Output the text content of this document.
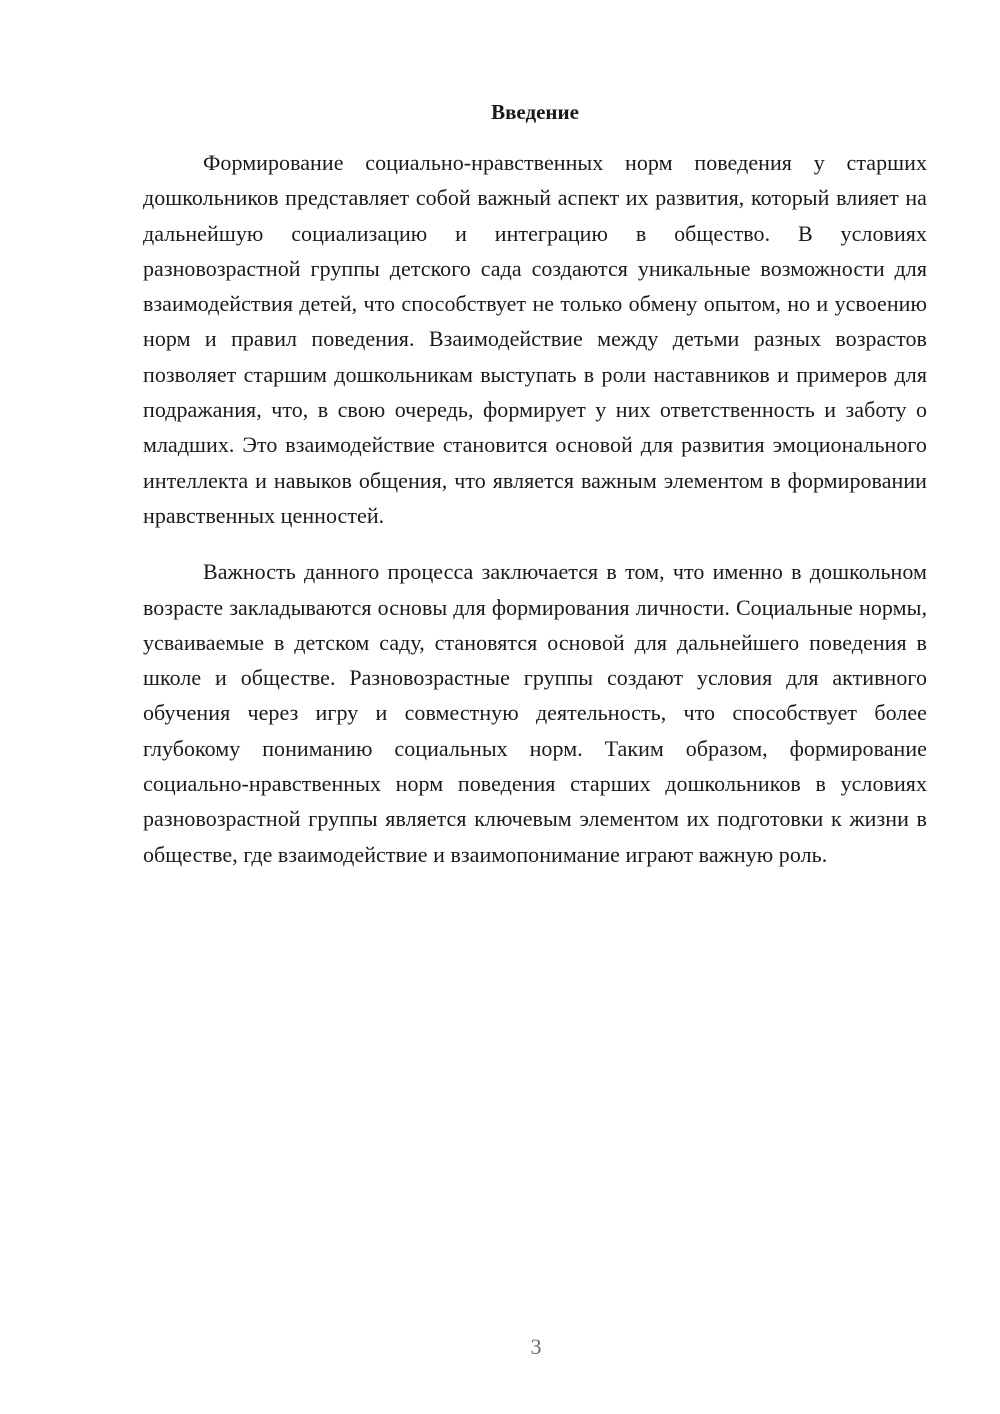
Введение

Формирование социально-нравственных норм поведения у старших дошкольников представляет собой важный аспект их развития, который влияет на дальнейшую социализацию и интеграцию в общество. В условиях разновозрастной группы детского сада создаются уникальные возможности для взаимодействия детей, что способствует не только обмену опытом, но и усвоению норм и правил поведения. Взаимодействие между детьми разных возрастов позволяет старшим дошкольникам выступать в роли наставников и примеров для подражания, что, в свою очередь, формирует у них ответственность и заботу о младших. Это взаимодействие становится основой для развития эмоционального интеллекта и навыков общения, что является важным элементом в формировании нравственных ценностей.

Важность данного процесса заключается в том, что именно в дошкольном возрасте закладываются основы для формирования личности. Социальные нормы, усваиваемые в детском саду, становятся основой для дальнейшего поведения в школе и обществе. Разновозрастные группы создают условия для активного обучения через игру и совместную деятельность, что способствует более глубокому пониманию социальных норм. Таким образом, формирование социально-нравственных норм поведения старших дошкольников в условиях разновозрастной группы является ключевым элементом их подготовки к жизни в обществе, где взаимодействие и взаимопонимание играют важную роль.

3
